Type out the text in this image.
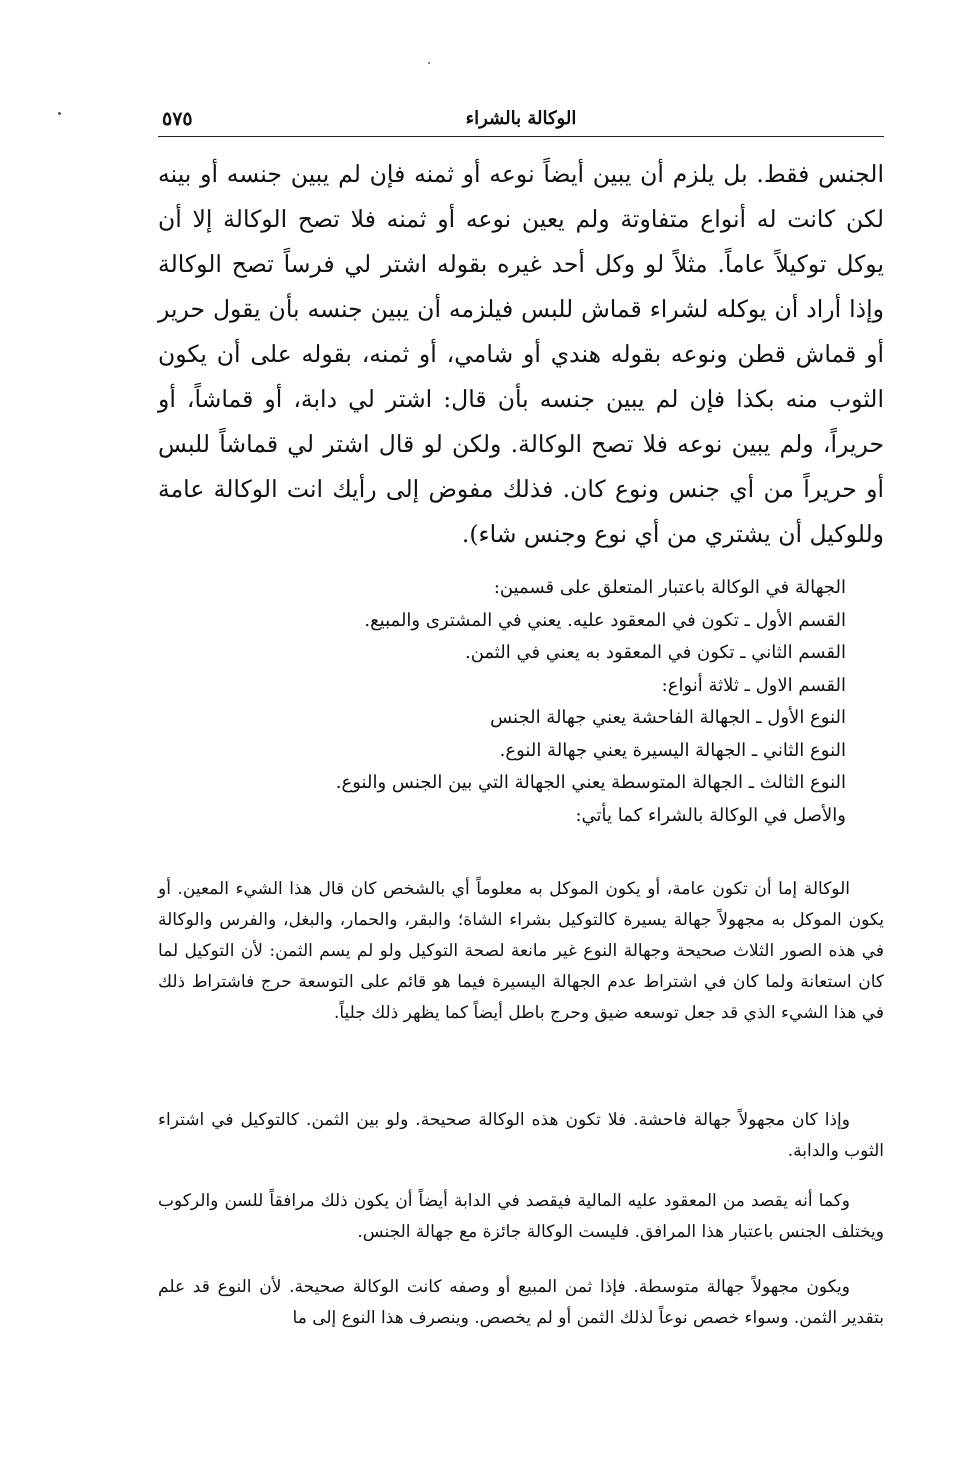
٥٧٥	الوكالة بالشراء

الجنس فقط. بل يلزم أن يبين أيضاً نوعه أو ثمنه فإن لم يبين جنسه أو بينه لكن كانت له أنواع متفاوتة ولم يعين نوعه أو ثمنه فلا تصح الوكالة إلا أن يوكل توكيلاً عاماً. مثلاً لو وكل أحد غيره بقوله اشتر لي فرساً تصح الوكالة وإذا أراد أن يوكله لشراء قماش للبس فيلزمه أن يبين جنسه بأن يقول حرير أو قماش قطن ونوعه بقوله هندي أو شامي، أو ثمنه، بقوله على أن يكون الثوب منه بكذا فإن لم يبين جنسه بأن قال: اشتر لي دابة، أو قماشاً، أو حريراً، ولم يبين نوعه فلا تصح الوكالة. ولكن لو قال اشتر لي قماشاً للبس أو حريراً من أي جنس ونوع كان. فذلك مفوض إلى رأيك انت الوكالة عامة وللوكيل أن يشتري من أي نوع وجنس شاء).

الجهالة في الوكالة باعتبار المتعلق على قسمين:
القسم الأول ـ تكون في المعقود عليه. يعني في المشترى والمبيع.
القسم الثاني ـ تكون في المعقود به يعني في الثمن.
القسم الاول ـ ثلاثة أنواع:
النوع الأول ـ الجهالة الفاحشة يعني جهالة الجنس
النوع الثاني ـ الجهالة اليسيرة يعني جهالة النوع.
النوع الثالث ـ الجهالة المتوسطة يعني الجهالة التي بين الجنس والنوع.
والأصل في الوكالة بالشراء كما يأتي:

الوكالة إما أن تكون عامة، أو يكون الموكل به معلوماً أي بالشخص كان قال هذا الشيء المعين. أو يكون الموكل به مجهولاً جهالة يسيرة كالتوكيل بشراء الشاة؛ والبقر، والحمار، والبغل، والفرس والوكالة في هذه الصور الثلاث صحيحة وجهالة النوع غير مانعة لصحة التوكيل ولو لم يسم الثمن: لأن التوكيل لما كان استعانة ولما كان في اشتراط عدم الجهالة اليسيرة فيما هو قائم على التوسعة حرج فاشتراط ذلك في هذا الشيء الذي قد جعل توسعه ضيق وحرج باطل أيضاً كما يظهر ذلك جلياً.

وإذا كان مجهولاً جهالة فاحشة. فلا تكون هذه الوكالة صحيحة. ولو بين الثمن. كالتوكيل في اشتراء الثوب والدابة.

وكما أنه يقصد من المعقود عليه المالية فيقصد في الدابة أيضاً أن يكون ذلك مرافقاً للسن والركوب ويختلف الجنس باعتبار هذا المرافق. فليست الوكالة جائزة مع جهالة الجنس.

ويكون مجهولاً جهالة متوسطة. فإذا ثمن المبيع أو وصفه كانت الوكالة صحيحة. لأن النوع قد علم بتقدير الثمن. وسواء خصص نوعاً لذلك الثمن أو لم يخصص. وينصرف هذا النوع إلى ما
